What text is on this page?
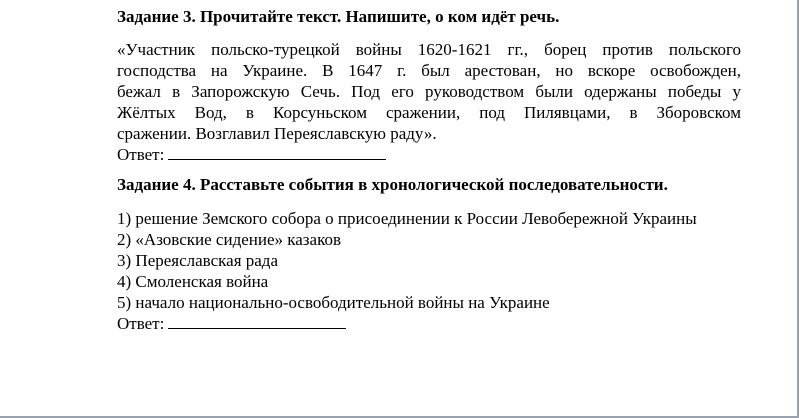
Задание 3. Прочитайте текст. Напишите, о ком идёт речь.

«Участник польско-турецкой войны 1620-1621 гг., борец против польского
господства на Украине. В 1647 г. был арестован, но вскоре освобожден,
бежал в Запорожскую Сечь. Под его руководством были одержаны победы у
Жёлтых Вод, в Корсуньском сражении, под Пилявцами, в Зборовском
сражении. Возглавил Переяславскую раду».

Ответ:

Задание 4. Расставьте события в хронологической последовательности.

1) решение Земского собора о присоединении к России Левобережной Украины
2) «Азовские сидение» казаков
3) Переяславская рада
4) Смоленская война
5) начало национально-освободительной войны на Украине

Ответ:
